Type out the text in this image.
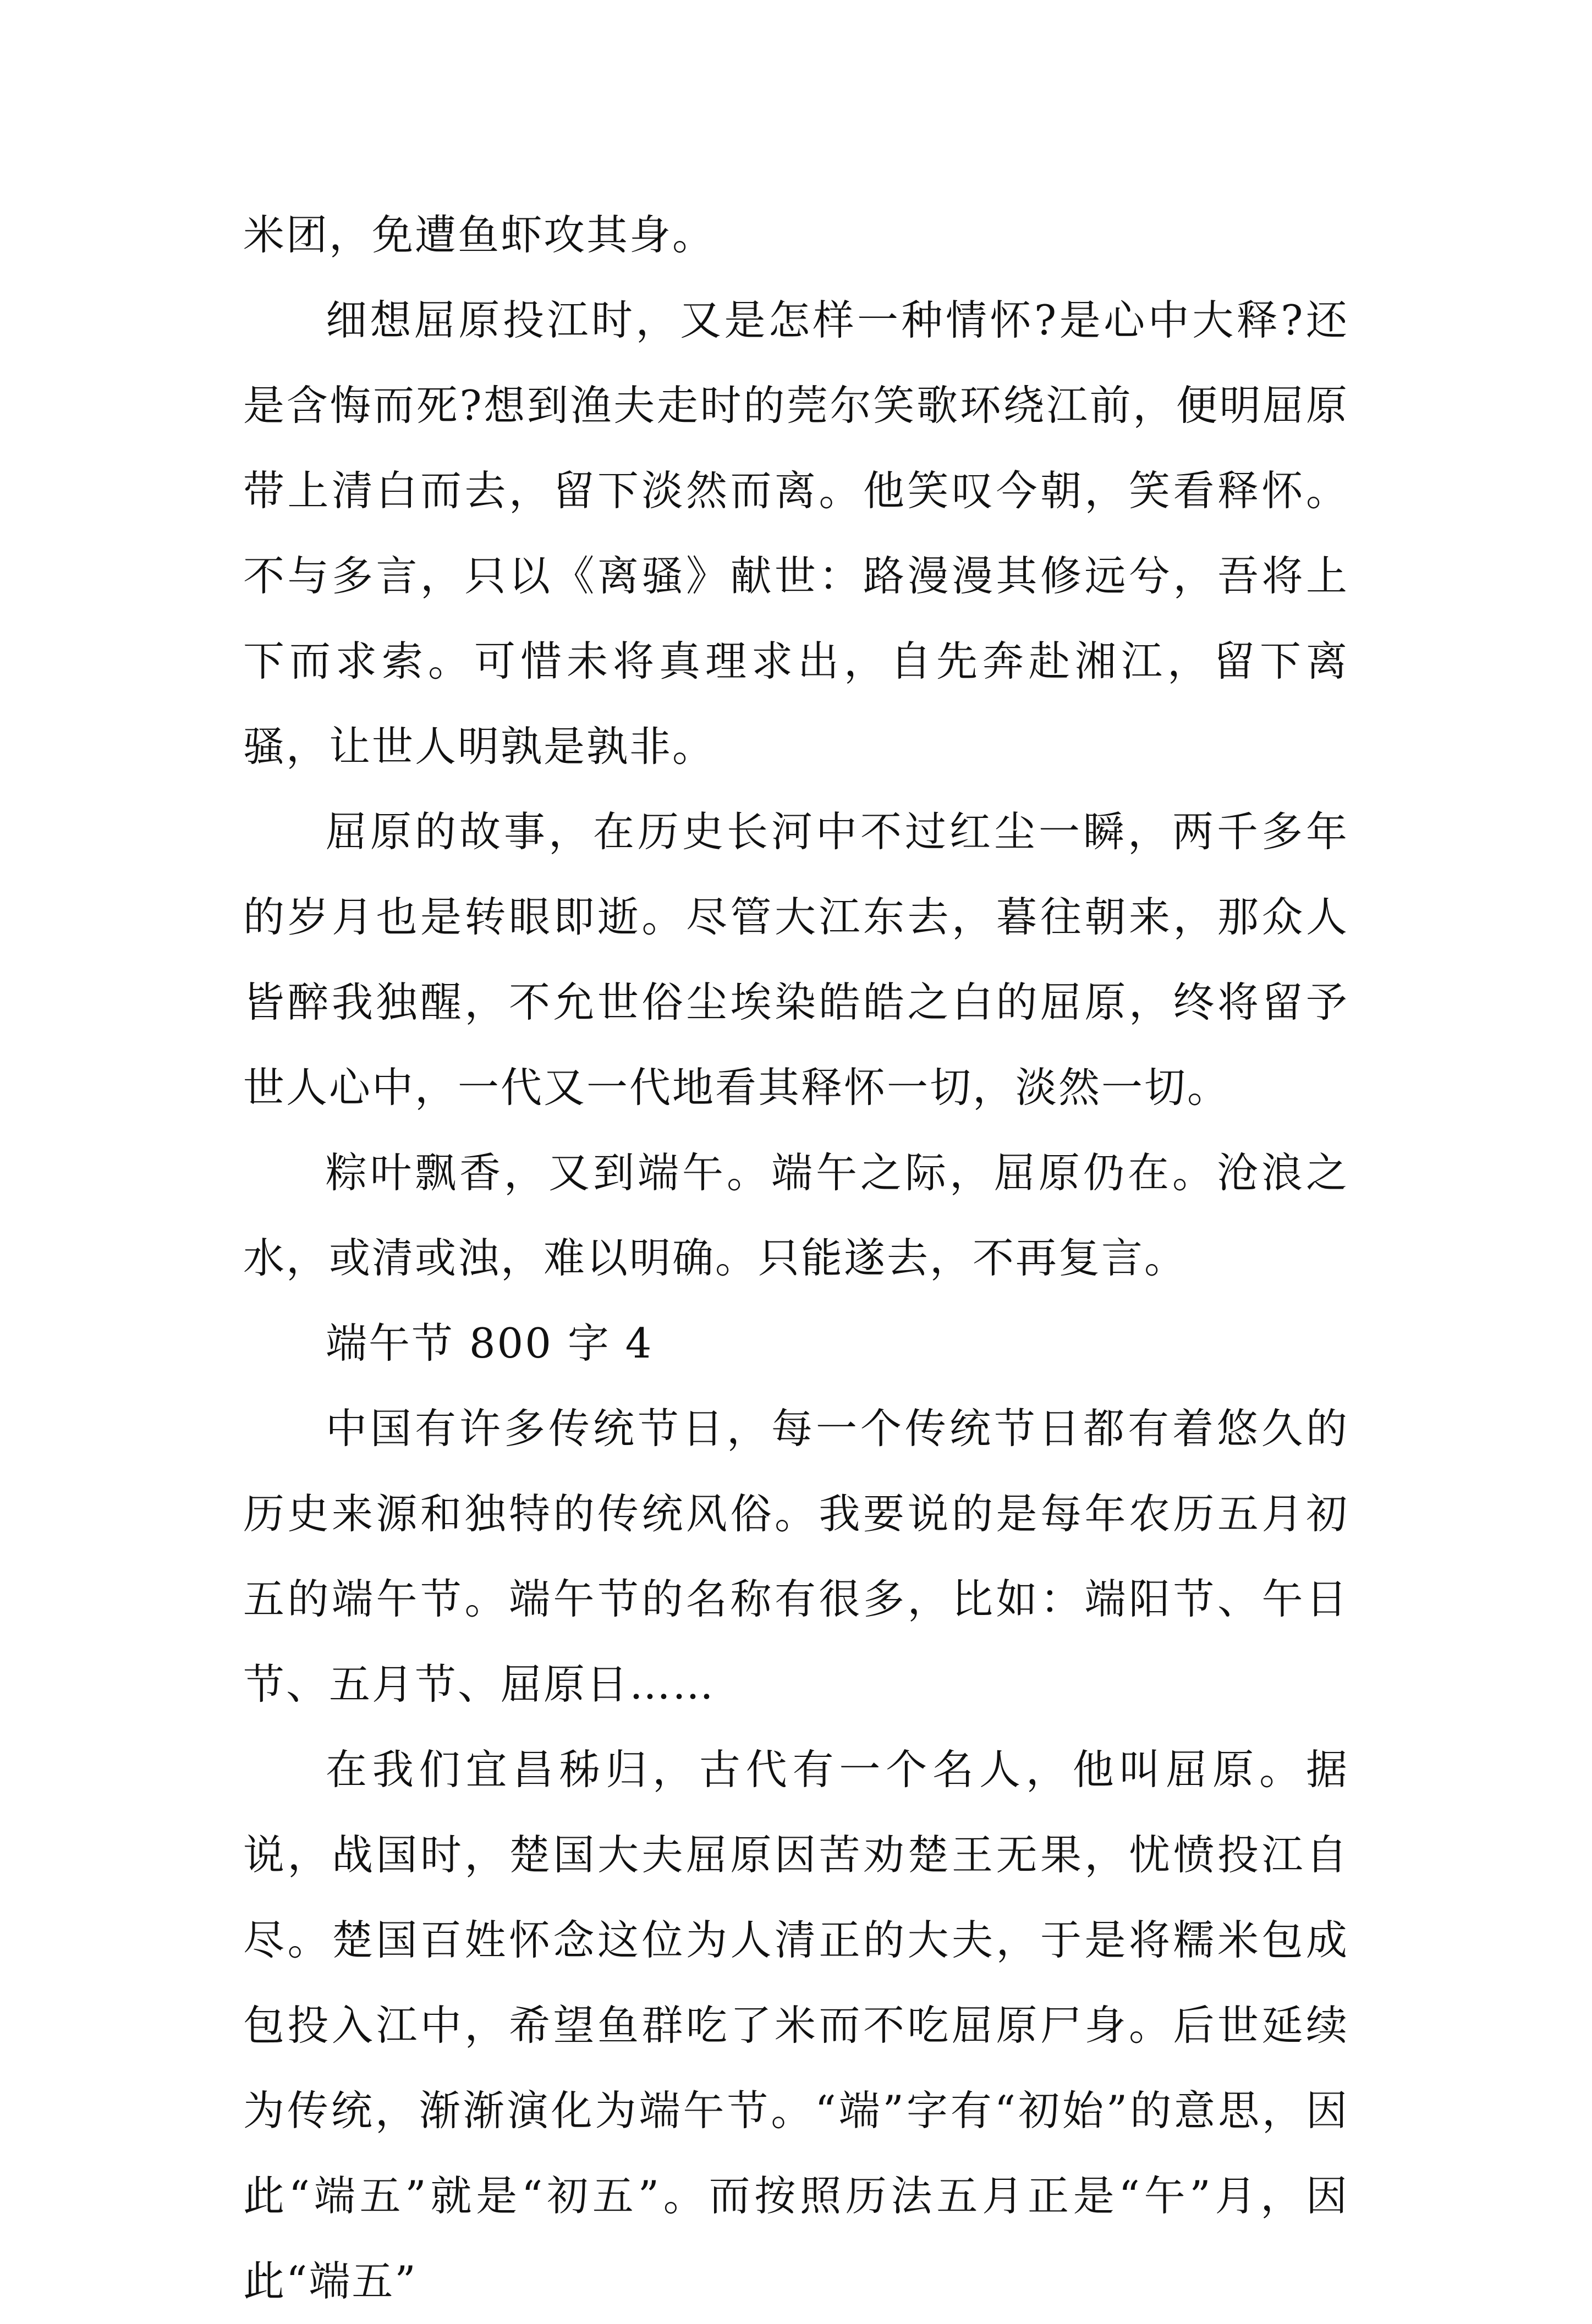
米团，免遭鱼虾攻其身。

细想屈原投江时，又是怎样一种情怀?是心中大释?还是含悔而死?想到渔夫走时的莞尔笑歌环绕江前，便明屈原带上清白而去，留下淡然而离。他笑叹今朝，笑看释怀。不与多言，只以《离骚》献世：路漫漫其修远兮，吾将上下而求索。可惜未将真理求出，自先奔赴湘江，留下离骚，让世人明孰是孰非。

屈原的故事，在历史长河中不过红尘一瞬，两千多年的岁月也是转眼即逝。尽管大江东去，暮往朝来，那众人皆醉我独醒，不允世俗尘埃染皓皓之白的屈原，终将留予世人心中，一代又一代地看其释怀一切，淡然一切。

粽叶飘香，又到端午。端午之际，屈原仍在。沧浪之水，或清或浊，难以明确。只能遂去，不再复言。

端午节 800 字 4

中国有许多传统节日，每一个传统节日都有着悠久的历史来源和独特的传统风俗。我要说的是每年农历五月初五的端午节。端午节的名称有很多，比如：端阳节、午日节、五月节、屈原日……

在我们宜昌秭归，古代有一个名人，他叫屈原。据说，战国时，楚国大夫屈原因苦劝楚王无果，忧愤投江自尽。楚国百姓怀念这位为人清正的大夫，于是将糯米包成包投入江中，希望鱼群吃了米而不吃屈原尸身。后世延续为传统，渐渐演化为端午节。“端”字有“初始”的意思，因此“端五”就是“初五”。而按照历法五月正是“午”月，因此“端五”
